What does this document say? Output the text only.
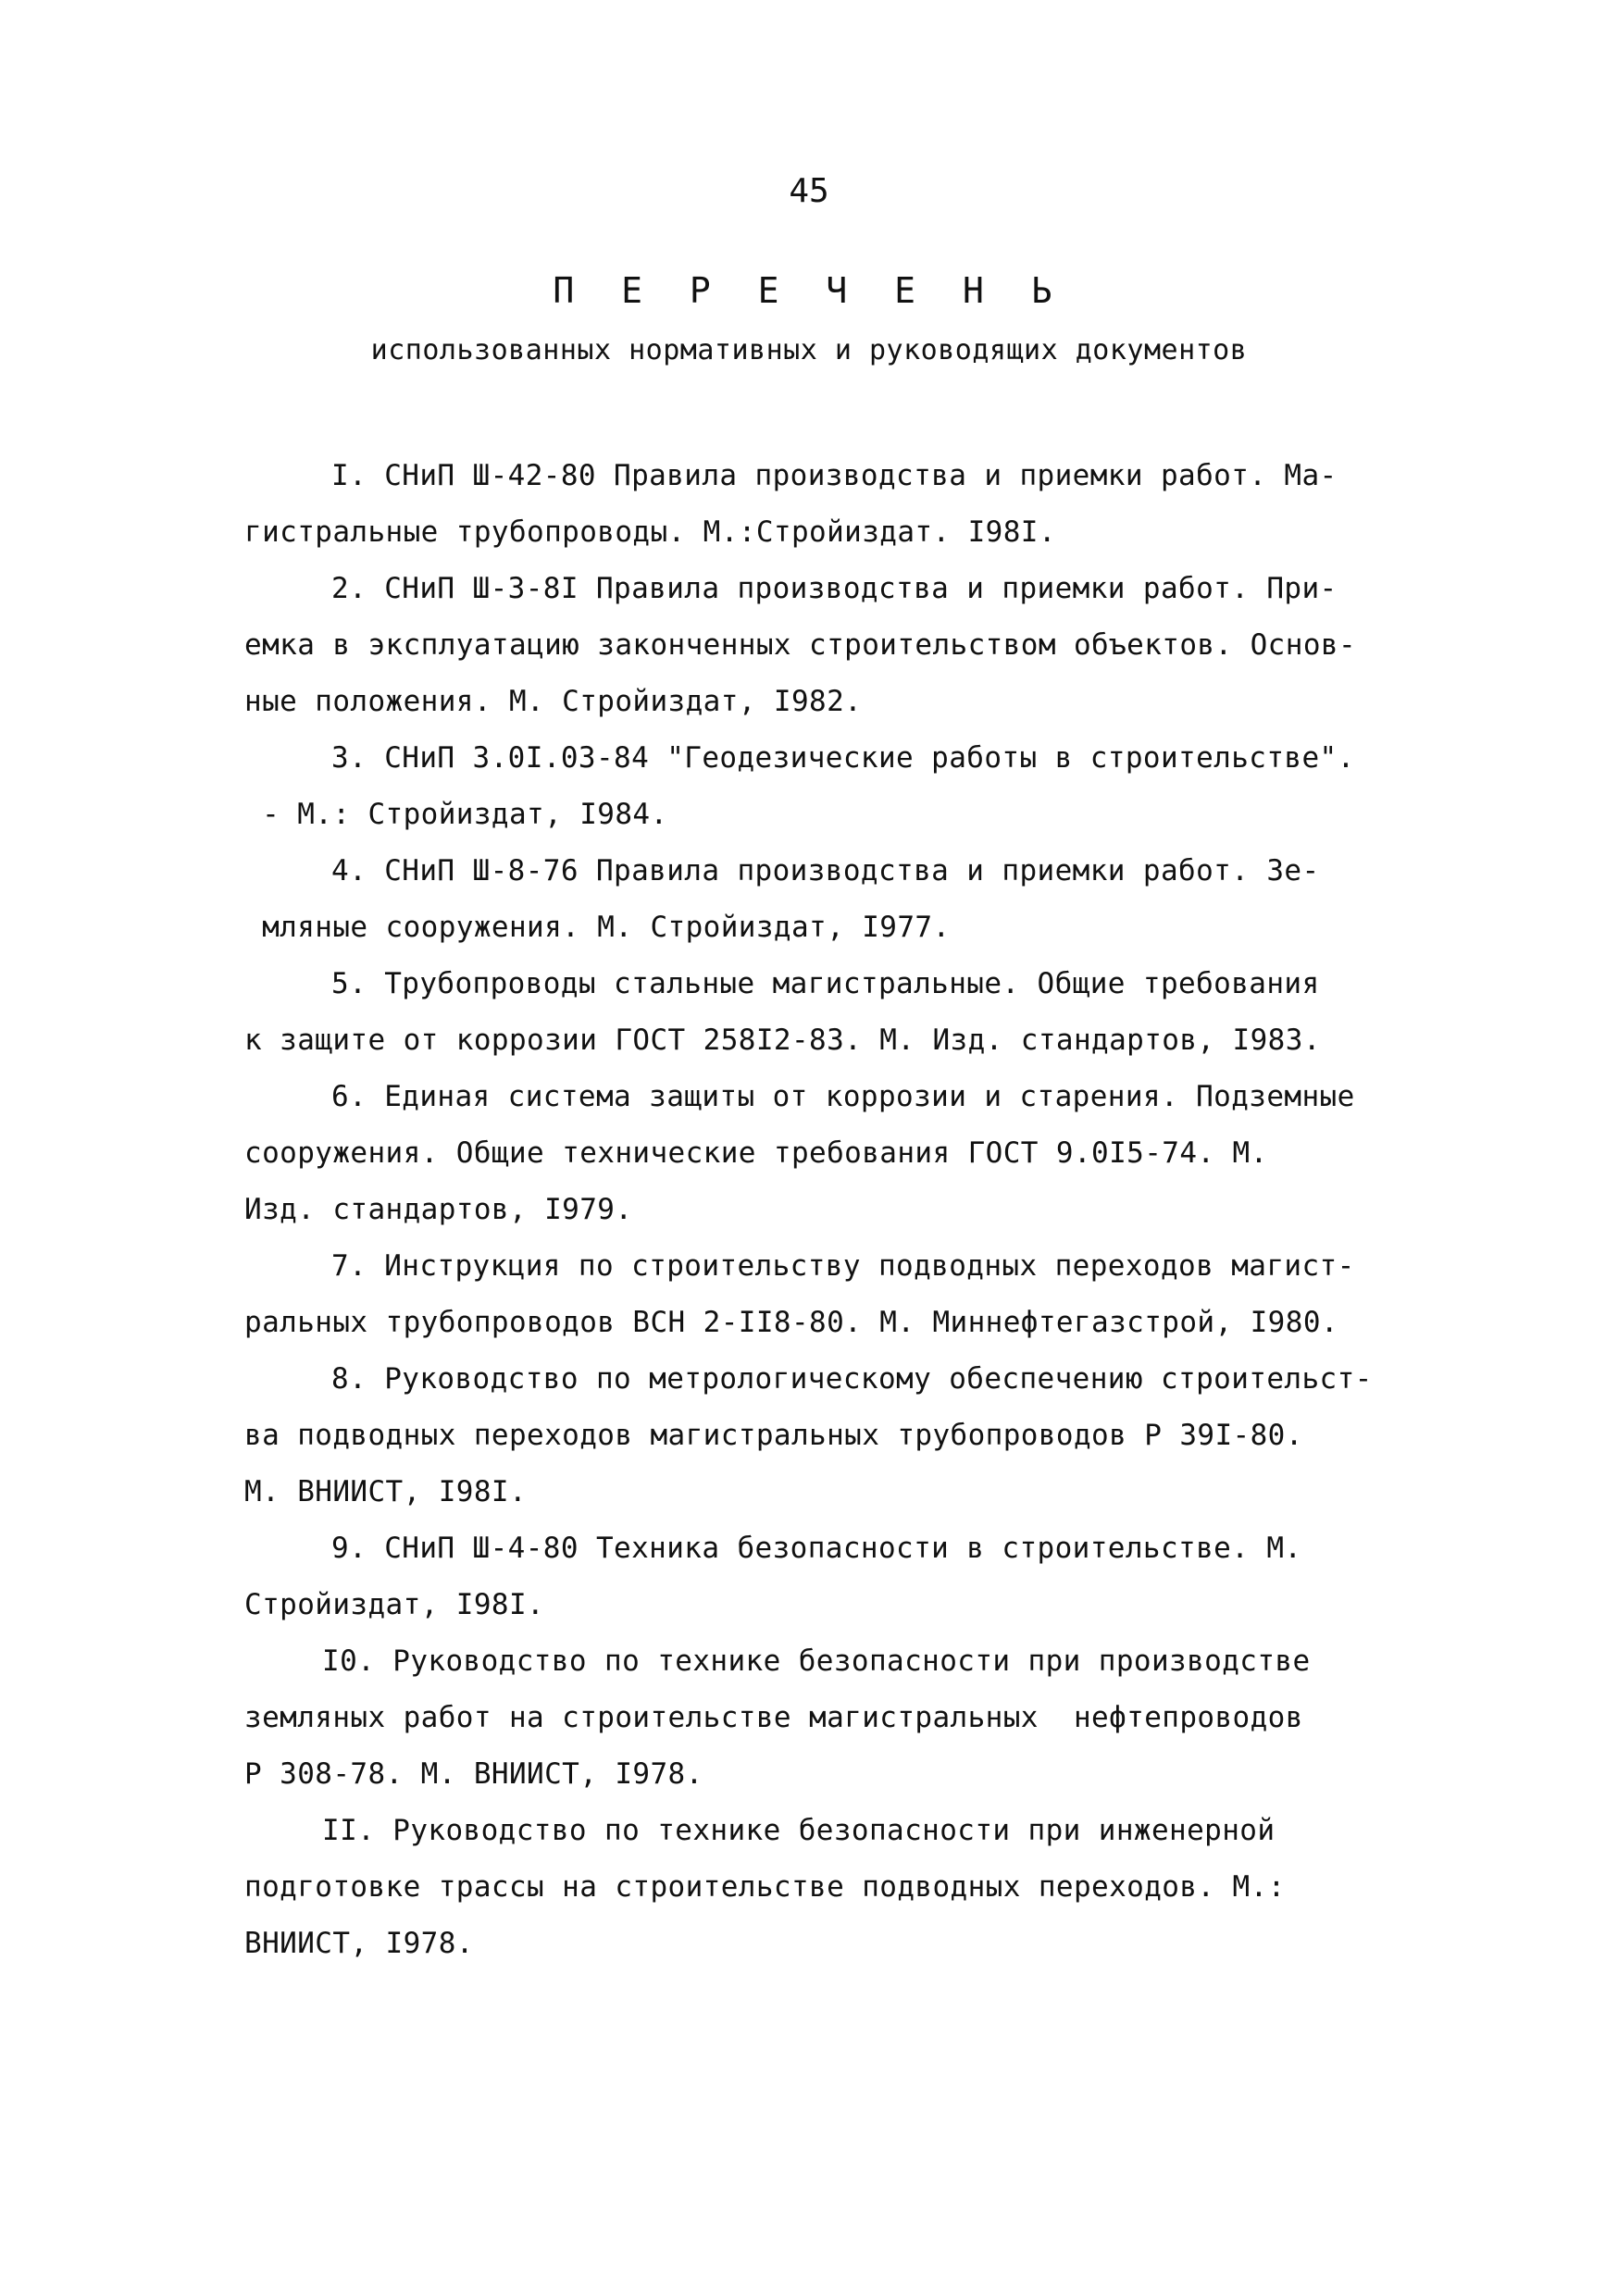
45
П Е Р Е Ч Е Н Ь
использованных нормативных и руководящих документов
I. СНиП Ш-42-80 Правила производства и приемки работ. Ма-
гистральные трубопроводы. М.:Стройиздат. I98I.
2. СНиП Ш-3-8I Правила производства и приемки работ. При-
емка в эксплуатацию законченных строительством объектов. Основ-
ные положения. М. Стройиздат, I982.
3. СНиП 3.0I.03-84 "Геодезические работы в строительстве".
- М.: Стройиздат, I984.
4. СНиП Ш-8-76 Правила производства и приемки работ. Зе-
мляные сооружения. М. Стройиздат, I977.
5. Трубопроводы стальные магистральные. Общие требования
к защите от коррозии ГОСТ 258I2-83. М. Изд. стандартов, I983.
6. Единая система защиты от коррозии и старения. Подземные
сооружения. Общие технические требования ГОСТ 9.0I5-74. М.
Изд. стандартов, I979.
7. Инструкция по строительству подводных переходов магист-
ральных трубопроводов ВСН 2-II8-80. М. Миннефтегазстрой, I980.
8. Руководство по метрологическому обеспечению строительст-
ва подводных переходов магистральных трубопроводов Р 39I-80.
М. ВНИИСТ, I98I.
9. СНиП Ш-4-80 Техника безопасности в строительстве. М.
Стройиздат, I98I.
I0. Руководство по технике безопасности при производстве
земляных работ на строительстве магистральных  нефтепроводов
Р 308-78. М. ВНИИСТ, I978.
II. Руководство по технике безопасности при инженерной
подготовке трассы на строительстве подводных переходов. М.:
ВНИИСТ, I978.
